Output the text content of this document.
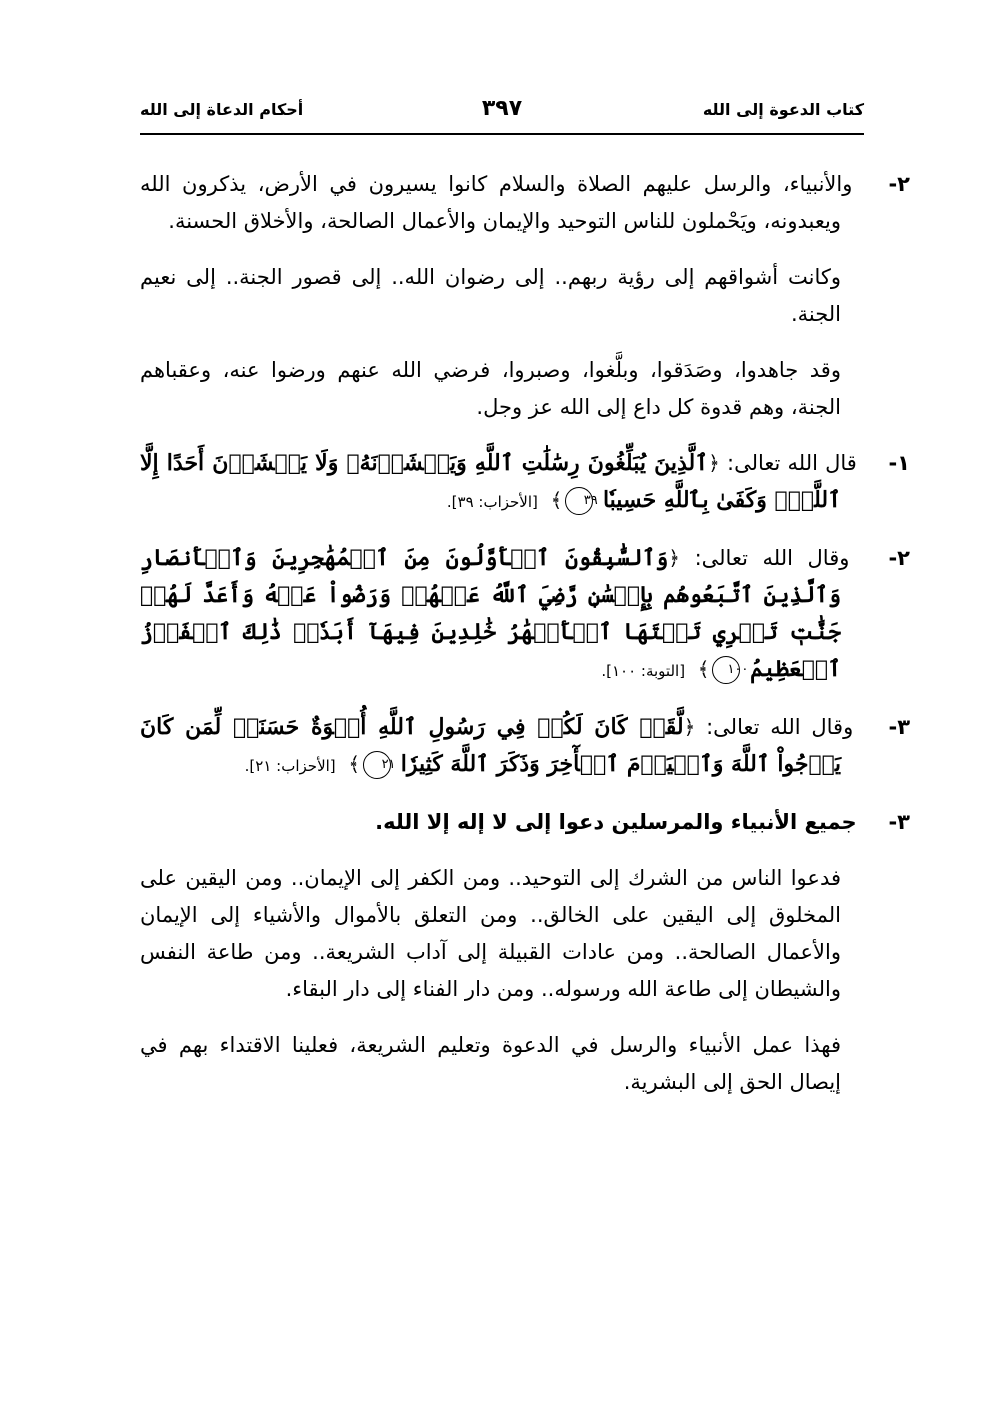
كتاب الدعوة إلى الله
٣٩٧
أحكام الدعاة إلى الله

٢- والأنبياء، والرسل عليهم الصلاة والسلام كانوا يسيرون في الأرض، يذكرون الله ويعبدونه، ويَحْملون للناس التوحيد والإيمان والأعمال الصالحة، والأخلاق الحسنة.

وكانت أشواقهم إلى رؤية ربهم.. إلى رضوان الله.. إلى قصور الجنة.. إلى نعيم الجنة.

وقد جاهدوا، وصَدَقوا، وبلَّغوا، وصبروا، فرضي الله عنهم ورضوا عنه، وعقباهم الجنة، وهم قدوة كل داع إلى الله عز وجل.

١- قال الله تعالى: ﴿ٱلَّذِينَ يُبَلِّغُونَ رِسَٰلَٰتِ ٱللَّهِ وَيَخۡشَوۡنَهُۥ وَلَا يَخۡشَوۡنَ أَحَدًا إِلَّا ٱللَّهَۗ وَكَفَىٰ بِٱللَّهِ حَسِيبٗا ٣٩﴾ [الأحزاب: ٣٩].

٢- وقال الله تعالى: ﴿وَٱلسَّٰبِقُونَ ٱلۡأَوَّلُونَ مِنَ ٱلۡمُهَٰجِرِينَ وَٱلۡأَنصَارِ وَٱلَّذِينَ ٱتَّبَعُوهُم بِإِحۡسَٰنٖ رَّضِيَ ٱللَّهُ عَنۡهُمۡ وَرَضُواْ عَنۡهُ وَأَعَدَّ لَهُمۡ جَنَّٰتٖ تَجۡرِي تَحۡتَهَا ٱلۡأَنۡهَٰرُ خَٰلِدِينَ فِيهَآ أَبَدٗاۚ ذَٰلِكَ ٱلۡفَوۡزُ ٱلۡعَظِيمُ ١٠٠﴾ [التوبة: ١٠٠].

٣- وقال الله تعالى: ﴿لَّقَدۡ كَانَ لَكُمۡ فِي رَسُولِ ٱللَّهِ أُسۡوَةٌ حَسَنَةٞ لِّمَن كَانَ يَرۡجُواْ ٱللَّهَ وَٱلۡيَوۡمَ ٱلۡأٓخِرَ وَذَكَرَ ٱللَّهَ كَثِيرٗا ٢١﴾ [الأحزاب: ٢١].

٣- جميع الأنبياء والمرسلين دعوا إلى لا إله إلا الله.

فدعوا الناس من الشرك إلى التوحيد.. ومن الكفر إلى الإيمان.. ومن اليقين على المخلوق إلى اليقين على الخالق.. ومن التعلق بالأموال والأشياء إلى الإيمان والأعمال الصالحة.. ومن عادات القبيلة إلى آداب الشريعة.. ومن طاعة النفس والشيطان إلى طاعة الله ورسوله.. ومن دار الفناء إلى دار البقاء.

فهذا عمل الأنبياء والرسل في الدعوة وتعليم الشريعة، فعلينا الاقتداء بهم في إيصال الحق إلى البشرية.
